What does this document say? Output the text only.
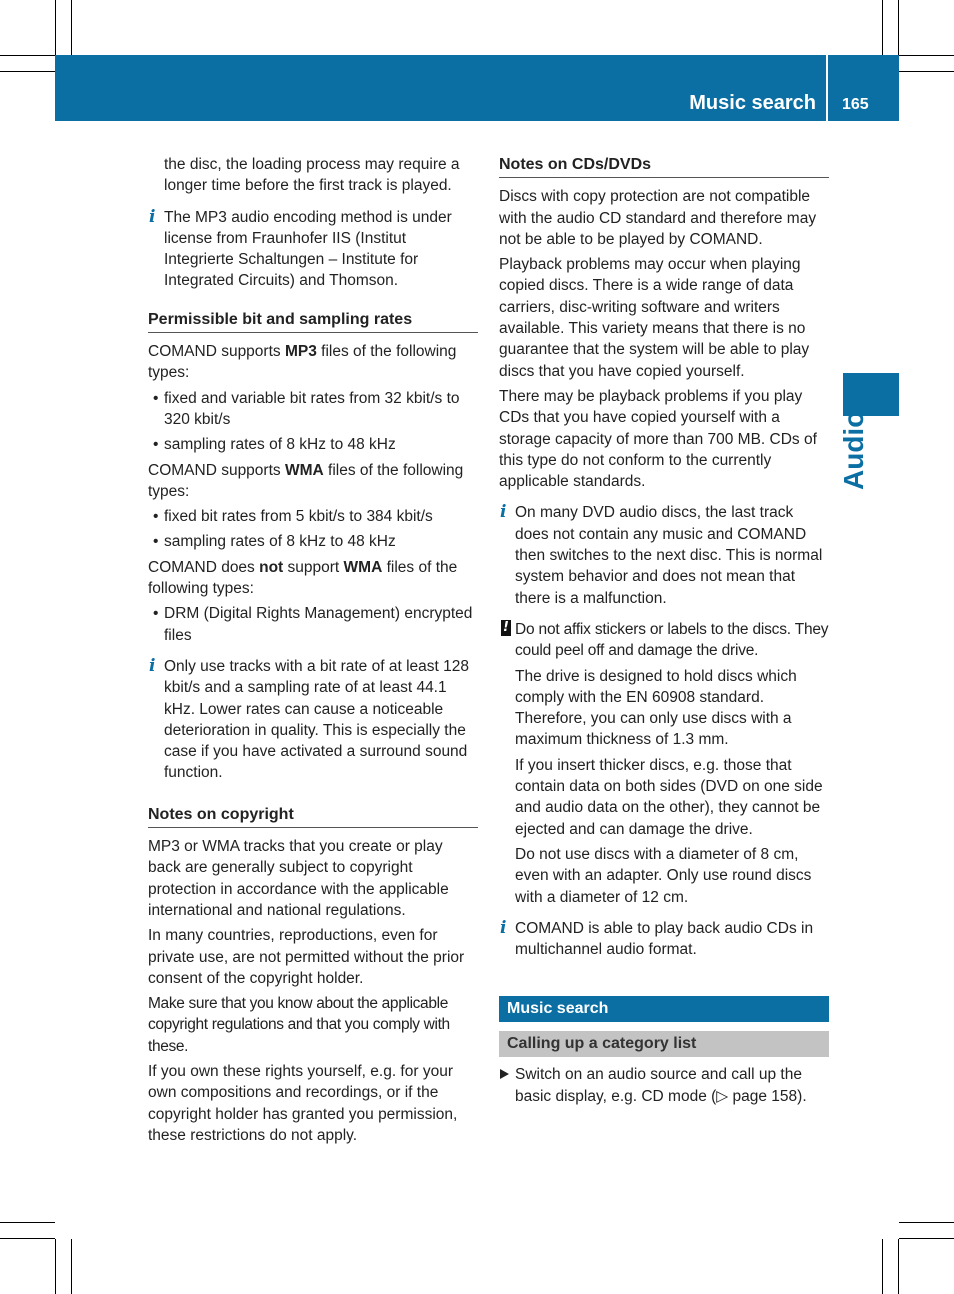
Music search 165
Audio

the disc, the loading process may require a longer time before the first track is played.

i The MP3 audio encoding method is under license from Fraunhofer IIS (Institut Integrierte Schaltungen – Institute for Integrated Circuits) and Thomson.
Permissible bit and sampling rates

COMAND supports MP3 files of the following types:

• fixed and variable bit rates from 32 kbit/s to 320 kbit/s
• sampling rates of 8 kHz to 48 kHz

COMAND supports WMA files of the following types:

• fixed bit rates from 5 kbit/s to 384 kbit/s
• sampling rates of 8 kHz to 48 kHz

COMAND does not support WMA files of the following types:

• DRM (Digital Rights Management) encrypted files
i Only use tracks with a bit rate of at least 128 kbit/s and a sampling rate of at least 44.1 kHz. Lower rates can cause a noticeable deterioration in quality. This is especially the case if you have activated a surround sound function.
Notes on copyright

MP3 or WMA tracks that you create or play back are generally subject to copyright protection in accordance with the applicable international and national regulations.

In many countries, reproductions, even for private use, are not permitted without the prior consent of the copyright holder.

Make sure that you know about the applicable copyright regulations and that you comply with these.

If you own these rights yourself, e.g. for your own compositions and recordings, or if the copyright holder has granted you permission, these restrictions do not apply.

Notes on CDs/DVDs

Discs with copy protection are not compatible with the audio CD standard and therefore may not be able to be played by COMAND.

Playback problems may occur when playing copied discs. There is a wide range of data carriers, disc-writing software and writers available. This variety means that there is no guarantee that the system will be able to play discs that you have copied yourself.

There may be playback problems if you play CDs that you have copied yourself with a storage capacity of more than 700 MB. CDs of this type do not conform to the currently applicable standards.

i On many DVD audio discs, the last track does not contain any music and COMAND then switches to the next disc. This is normal system behavior and does not mean that there is a malfunction.
! Do not affix stickers or labels to the discs. They could peel off and damage the drive.

The drive is designed to hold discs which comply with the EN 60908 standard. Therefore, you can only use discs with a maximum thickness of 1.3 mm.

If you insert thicker discs, e.g. those that contain data on both sides (DVD on one side and audio data on the other), they cannot be ejected and can damage the drive.

Do not use discs with a diameter of 8 cm, even with an adapter. Only use round discs with a diameter of 12 cm.

i COMAND is able to play back audio CDs in multichannel audio format.
Music search
Calling up a category list
Switch on an audio source and call up the basic display, e.g. CD mode (▷ page 158).
